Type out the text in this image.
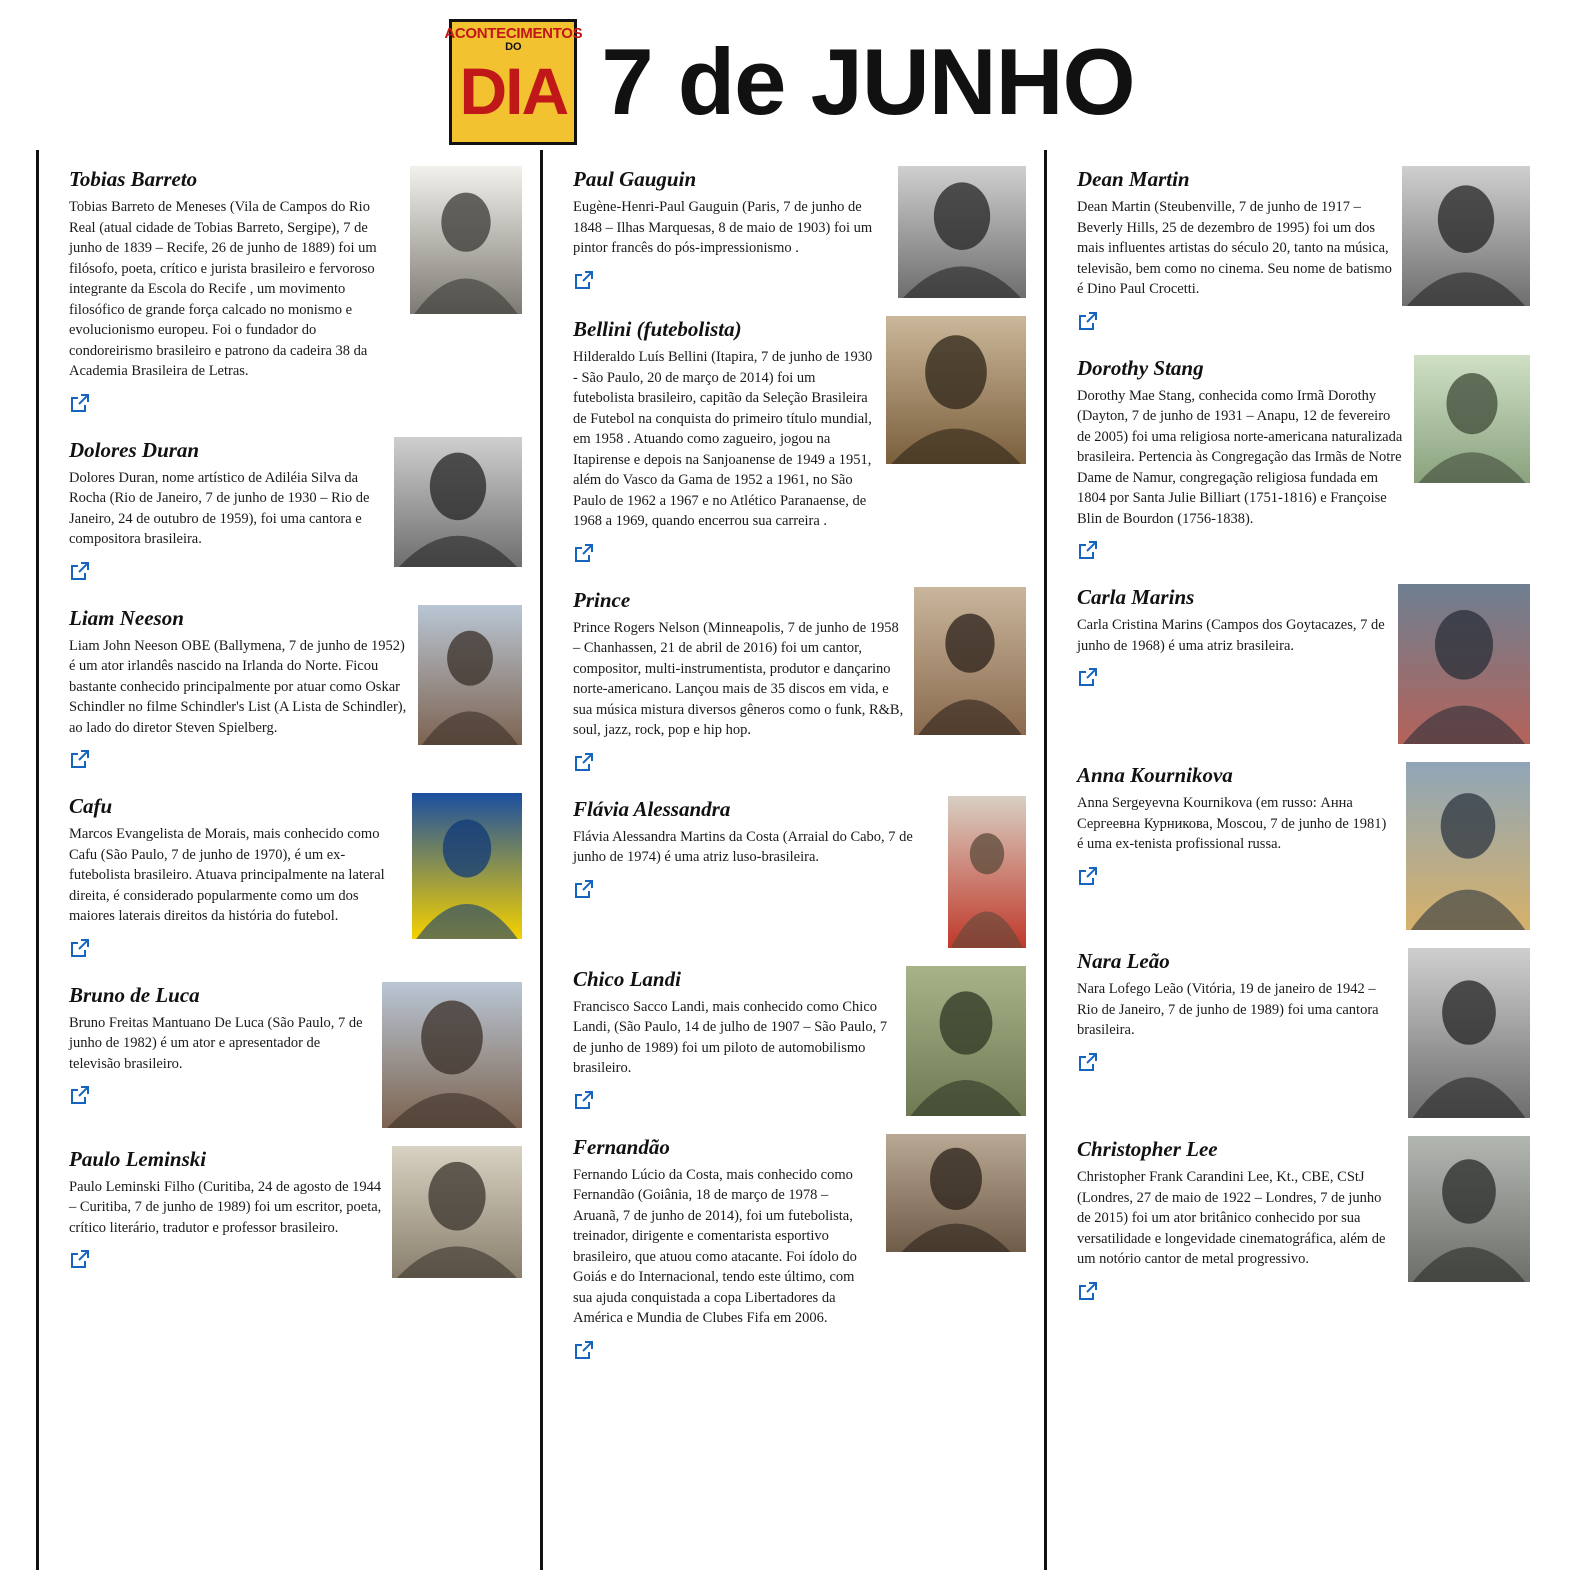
ACONTECIMENTOS
DO
DIA 7 de JUNHO
Tobias Barreto

Tobias Barreto de Meneses (Vila de Campos do Rio Real (atual cidade de Tobias Barreto, Sergipe), 7 de junho de 1839 – Recife, 26 de junho de 1889) foi um filósofo, poeta, crítico e jurista brasileiro e fervoroso integrante da Escola do Recife , um movimento filosófico de grande força calcado no monismo e evolucionismo europeu. Foi o fundador do condoreirismo brasileiro e patrono da cadeira 38 da Academia Brasileira de Letras.

Dolores Duran

Dolores Duran, nome artístico de Adiléia Silva da Rocha (Rio de Janeiro, 7 de junho de 1930 – Rio de Janeiro, 24 de outubro de 1959), foi uma cantora e compositora brasileira.

Liam Neeson

Liam John Neeson OBE (Ballymena, 7 de junho de 1952) é um ator irlandês nascido na Irlanda do Norte. Ficou bastante conhecido principalmente por atuar como Oskar Schindler no filme Schindler's List (A Lista de Schindler), ao lado do diretor Steven Spielberg.

Cafu

Marcos Evangelista de Morais, mais conhecido como Cafu (São Paulo, 7 de junho de 1970), é um ex-futebolista brasileiro. Atuava principalmente na lateral direita, é considerado popularmente como um dos maiores laterais direitos da história do futebol.

Bruno de Luca

Bruno Freitas Mantuano De Luca (São Paulo, 7 de junho de 1982) é um ator e apresentador de televisão brasileiro.

Paulo Leminski

Paulo Leminski Filho (Curitiba, 24 de agosto de 1944 – Curitiba, 7 de junho de 1989) foi um escritor, poeta, crítico literário, tradutor e professor brasileiro.

Paul Gauguin

Eugène-Henri-Paul Gauguin (Paris, 7 de junho de 1848 – Ilhas Marquesas, 8 de maio de 1903) foi um pintor francês do pós-impressionismo .

Bellini (futebolista)

Hilderaldo Luís Bellini (Itapira, 7 de junho de 1930 - São Paulo, 20 de março de 2014) foi um futebolista brasileiro, capitão da Seleção Brasileira de Futebol na conquista do primeiro título mundial, em 1958 . Atuando como zagueiro, jogou na Itapirense e depois na Sanjoanense de 1949 a 1951, além do Vasco da Gama de 1952 a 1961, no São Paulo de 1962 a 1967 e no Atlético Paranaense, de 1968 a 1969, quando encerrou sua carreira .

Prince

Prince Rogers Nelson (Minneapolis, 7 de junho de 1958 – Chanhassen, 21 de abril de 2016) foi um cantor, compositor, multi-instrumentista, produtor e dançarino norte-americano. Lançou mais de 35 discos em vida, e sua música mistura diversos gêneros como o funk, R&B, soul, jazz, rock, pop e hip hop.

Flávia Alessandra

Flávia Alessandra Martins da Costa (Arraial do Cabo, 7 de junho de 1974) é uma atriz luso-brasileira.

Chico Landi

Francisco Sacco Landi, mais conhecido como Chico Landi, (São Paulo, 14 de julho de 1907 – São Paulo, 7 de junho de 1989) foi um piloto de automobilismo brasileiro.

Fernandão

Fernando Lúcio da Costa, mais conhecido como Fernandão (Goiânia, 18 de março de 1978 – Aruanã, 7 de junho de 2014), foi um futebolista, treinador, dirigente e comentarista esportivo brasileiro, que atuou como atacante. Foi ídolo do Goiás e do Internacional, tendo este último, com sua ajuda conquistada a copa Libertadores da América e Mundia de Clubes Fifa em 2006.

Dean Martin

Dean Martin (Steubenville, 7 de junho de 1917 – Beverly Hills, 25 de dezembro de 1995) foi um dos mais influentes artistas do século 20, tanto na música, televisão, bem como no cinema. Seu nome de batismo é Dino Paul Crocetti.

Dorothy Stang

Dorothy Mae Stang, conhecida como Irmã Dorothy (Dayton, 7 de junho de 1931 – Anapu, 12 de fevereiro de 2005) foi uma religiosa norte-americana naturalizada brasileira. Pertencia às Congregação das Irmãs de Notre Dame de Namur, congregação religiosa fundada em 1804 por Santa Julie Billiart (1751-1816) e Françoise Blin de Bourdon (1756-1838).

Carla Marins

Carla Cristina Marins (Campos dos Goytacazes, 7 de junho de 1968) é uma atriz brasileira.

Anna Kournikova

Anna Sergeyevna Kournikova (em russo: Анна Сергеевна Курникова, Moscou, 7 de junho de 1981) é uma ex-tenista profissional russa.

Nara Leão

Nara Lofego Leão (Vitória, 19 de janeiro de 1942 – Rio de Janeiro, 7 de junho de 1989) foi uma cantora brasileira.

Christopher Lee

Christopher Frank Carandini Lee, Kt., CBE, CStJ (Londres, 27 de maio de 1922 – Londres, 7 de junho de 2015) foi um ator britânico conhecido por sua versatilidade e longevidade cinematográfica, além de um notório cantor de metal progressivo.
